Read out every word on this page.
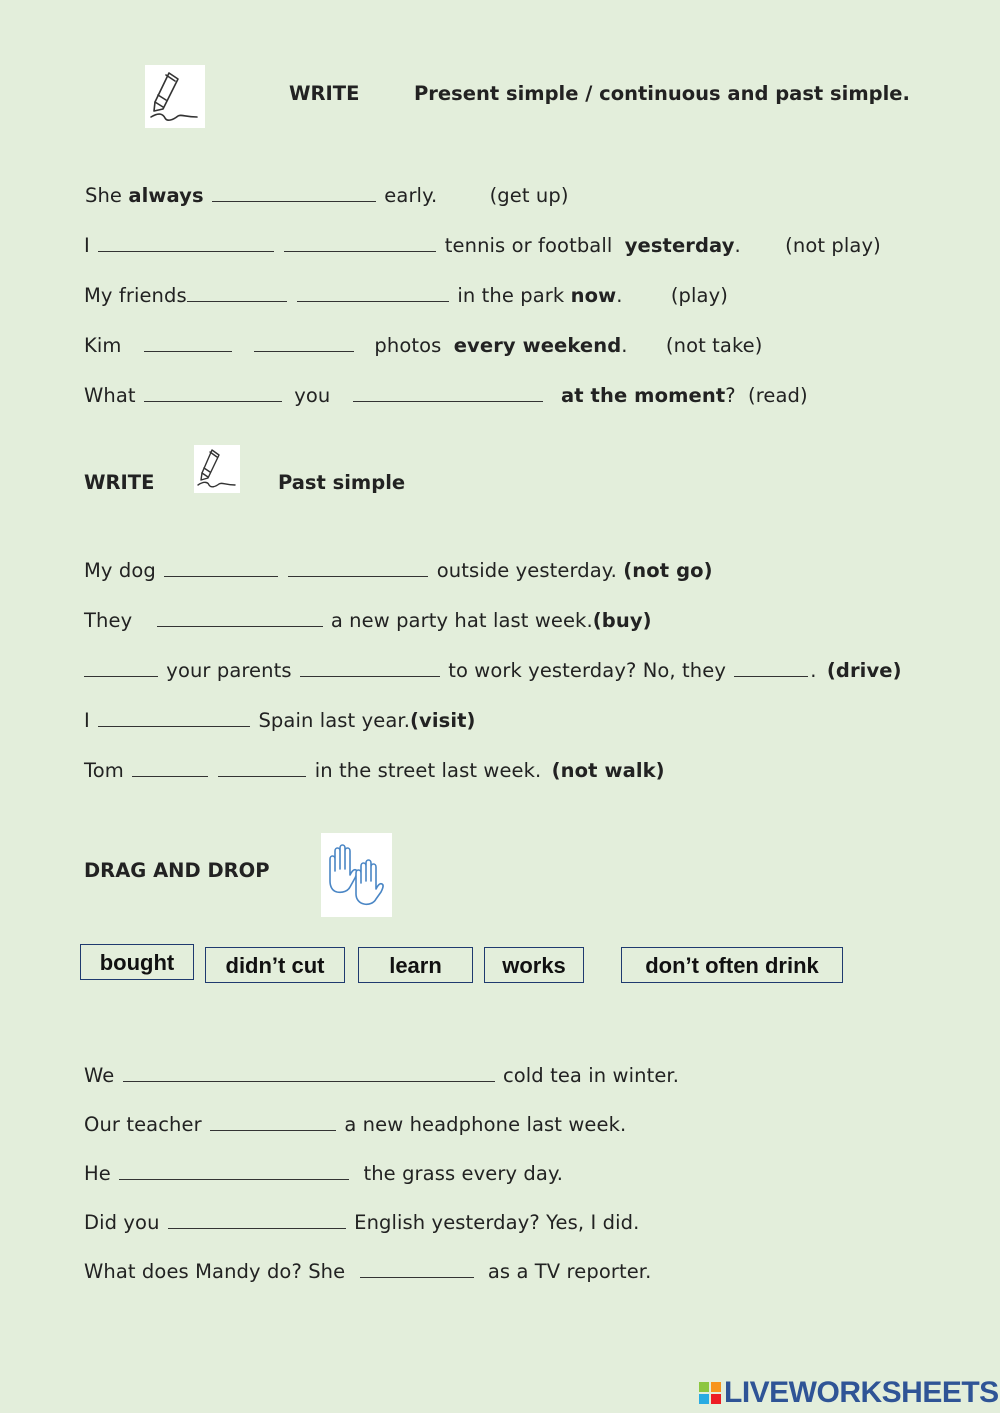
WRITE	Present simple / continuous and past simple.
She always	early.	(get up)
I	tennis or football yesterday. (not play)
My friends	in the park now. (play)
Kim	photos every weekend. (not take)
What	you	at the moment? (read)
WRITE	Past simple
My dog	outside yesterday. (not go)
They	a new party hat last week.(buy)
your parents	to work yesterday? No, they	. (drive)
I	Spain last year.(visit)
Tom	in the street last week. (not walk)
DRAG AND DROP
bought	didn’t cut	learn	works	don’t often drink
We	cold tea in winter.
Our teacher	a new headphone last week.
He	the grass every day.
Did you	English yesterday? Yes, I did.
What does Mandy do? She	as a TV reporter.
LIVEWORKSHEETS
